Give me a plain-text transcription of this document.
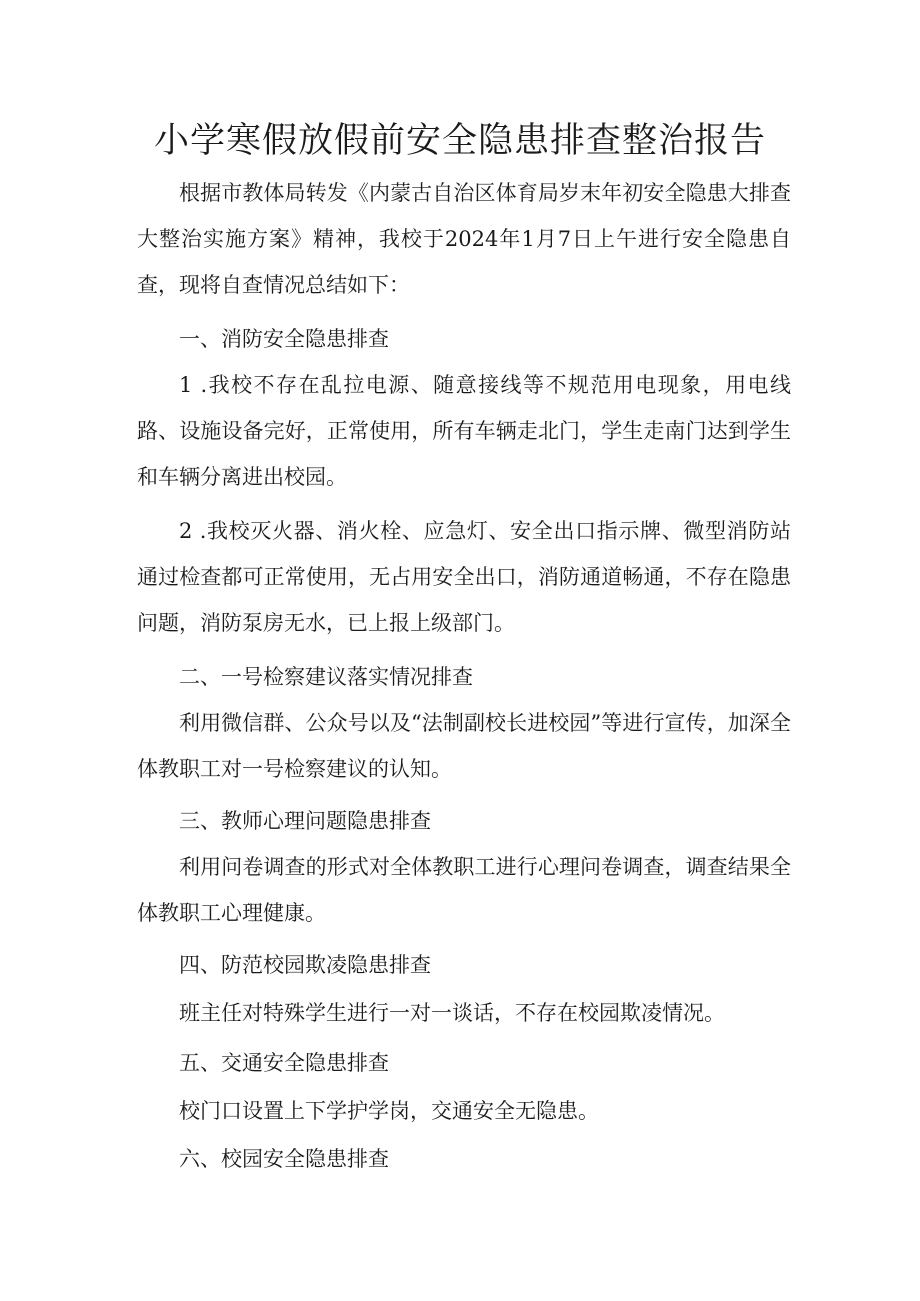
小学寒假放假前安全隐患排查整治报告

根据市教体局转发《内蒙古自治区体育局岁末年初安全隐患大排查大整治实施方案》精神，我校于2024年1月7日上午进行安全隐患自查，现将自查情况总结如下：

一、消防安全隐患排查

1 .我校不存在乱拉电源、随意接线等不规范用电现象，用电线路、设施设备完好，正常使用，所有车辆走北门，学生走南门达到学生和车辆分离进出校园。

2 .我校灭火器、消火栓、应急灯、安全出口指示牌、微型消防站通过检查都可正常使用，无占用安全出口，消防通道畅通，不存在隐患问题，消防泵房无水，已上报上级部门。

二、一号检察建议落实情况排查

利用微信群、公众号以及“法制副校长进校园”等进行宣传，加深全体教职工对一号检察建议的认知。

三、教师心理问题隐患排查

利用问卷调查的形式对全体教职工进行心理问卷调查，调查结果全体教职工心理健康。

四、防范校园欺凌隐患排查

班主任对特殊学生进行一对一谈话，不存在校园欺凌情况。

五、交通安全隐患排查

校门口设置上下学护学岗，交通安全无隐患。

六、校园安全隐患排查
